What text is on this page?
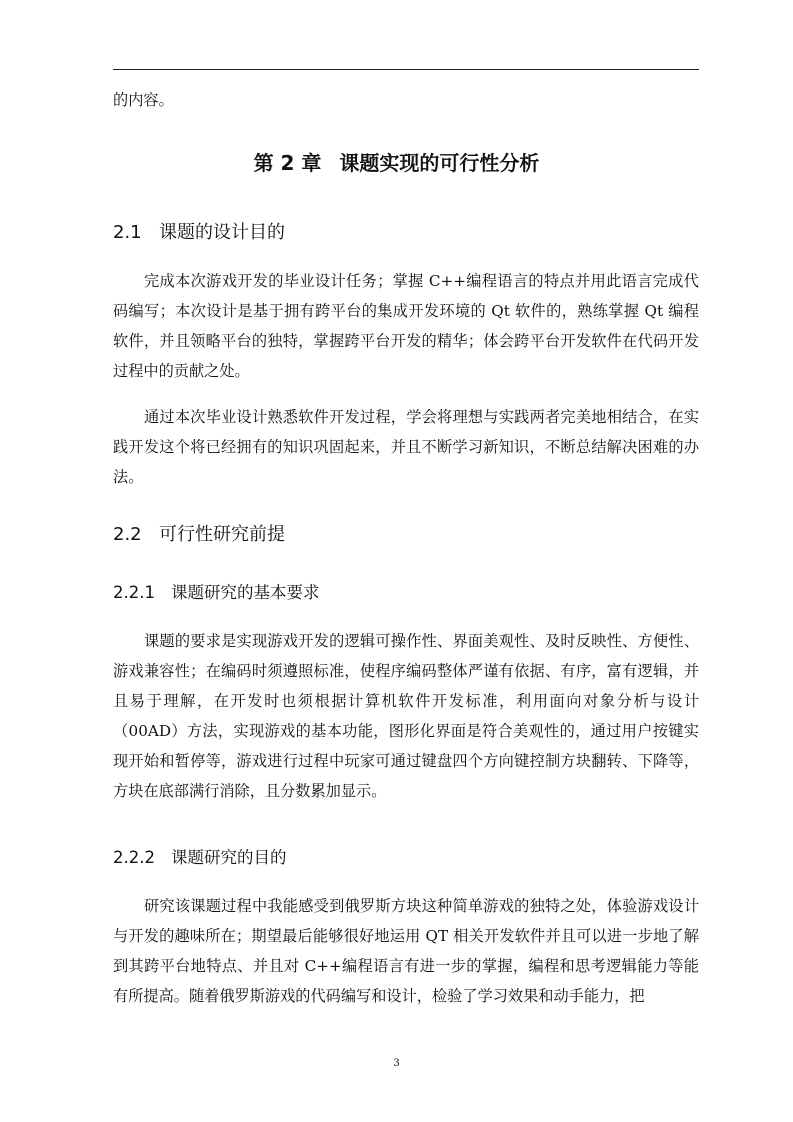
的内容。

第 2 章 课题实现的可行性分析
2.1 课题的设计目的

完成本次游戏开发的毕业设计任务；掌握 C++编程语言的特点并用此语言完成代码编写；本次设计是基于拥有跨平台的集成开发环境的 Qt 软件的，熟练掌握 Qt 编程软件，并且领略平台的独特，掌握跨平台开发的精华；体会跨平台开发软件在代码开发过程中的贡献之处。

通过本次毕业设计熟悉软件开发过程，学会将理想与实践两者完美地相结合，在实践开发这个将已经拥有的知识巩固起来，并且不断学习新知识，不断总结解决困难的办法。

2.2 可行性研究前提
2.2.1 课题研究的基本要求

课题的要求是实现游戏开发的逻辑可操作性、界面美观性、及时反映性、方便性、游戏兼容性；在编码时须遵照标准，使程序编码整体严谨有依据、有序，富有逻辑，并且易于理解，在开发时也须根据计算机软件开发标准，利用面向对象分析与设计（00AD）方法，实现游戏的基本功能，图形化界面是符合美观性的，通过用户按键实现开始和暂停等，游戏进行过程中玩家可通过键盘四个方向键控制方块翻转、下降等，方块在底部满行消除，且分数累加显示。

2.2.2 课题研究的目的

研究该课题过程中我能感受到俄罗斯方块这种简单游戏的独特之处，体验游戏设计与开发的趣味所在；期望最后能够很好地运用 QT 相关开发软件并且可以进一步地了解到其跨平台地特点、并且对 C++编程语言有进一步的掌握，编程和思考逻辑能力等能有所提高。随着俄罗斯游戏的代码编写和设计，检验了学习效果和动手能力，把

3
